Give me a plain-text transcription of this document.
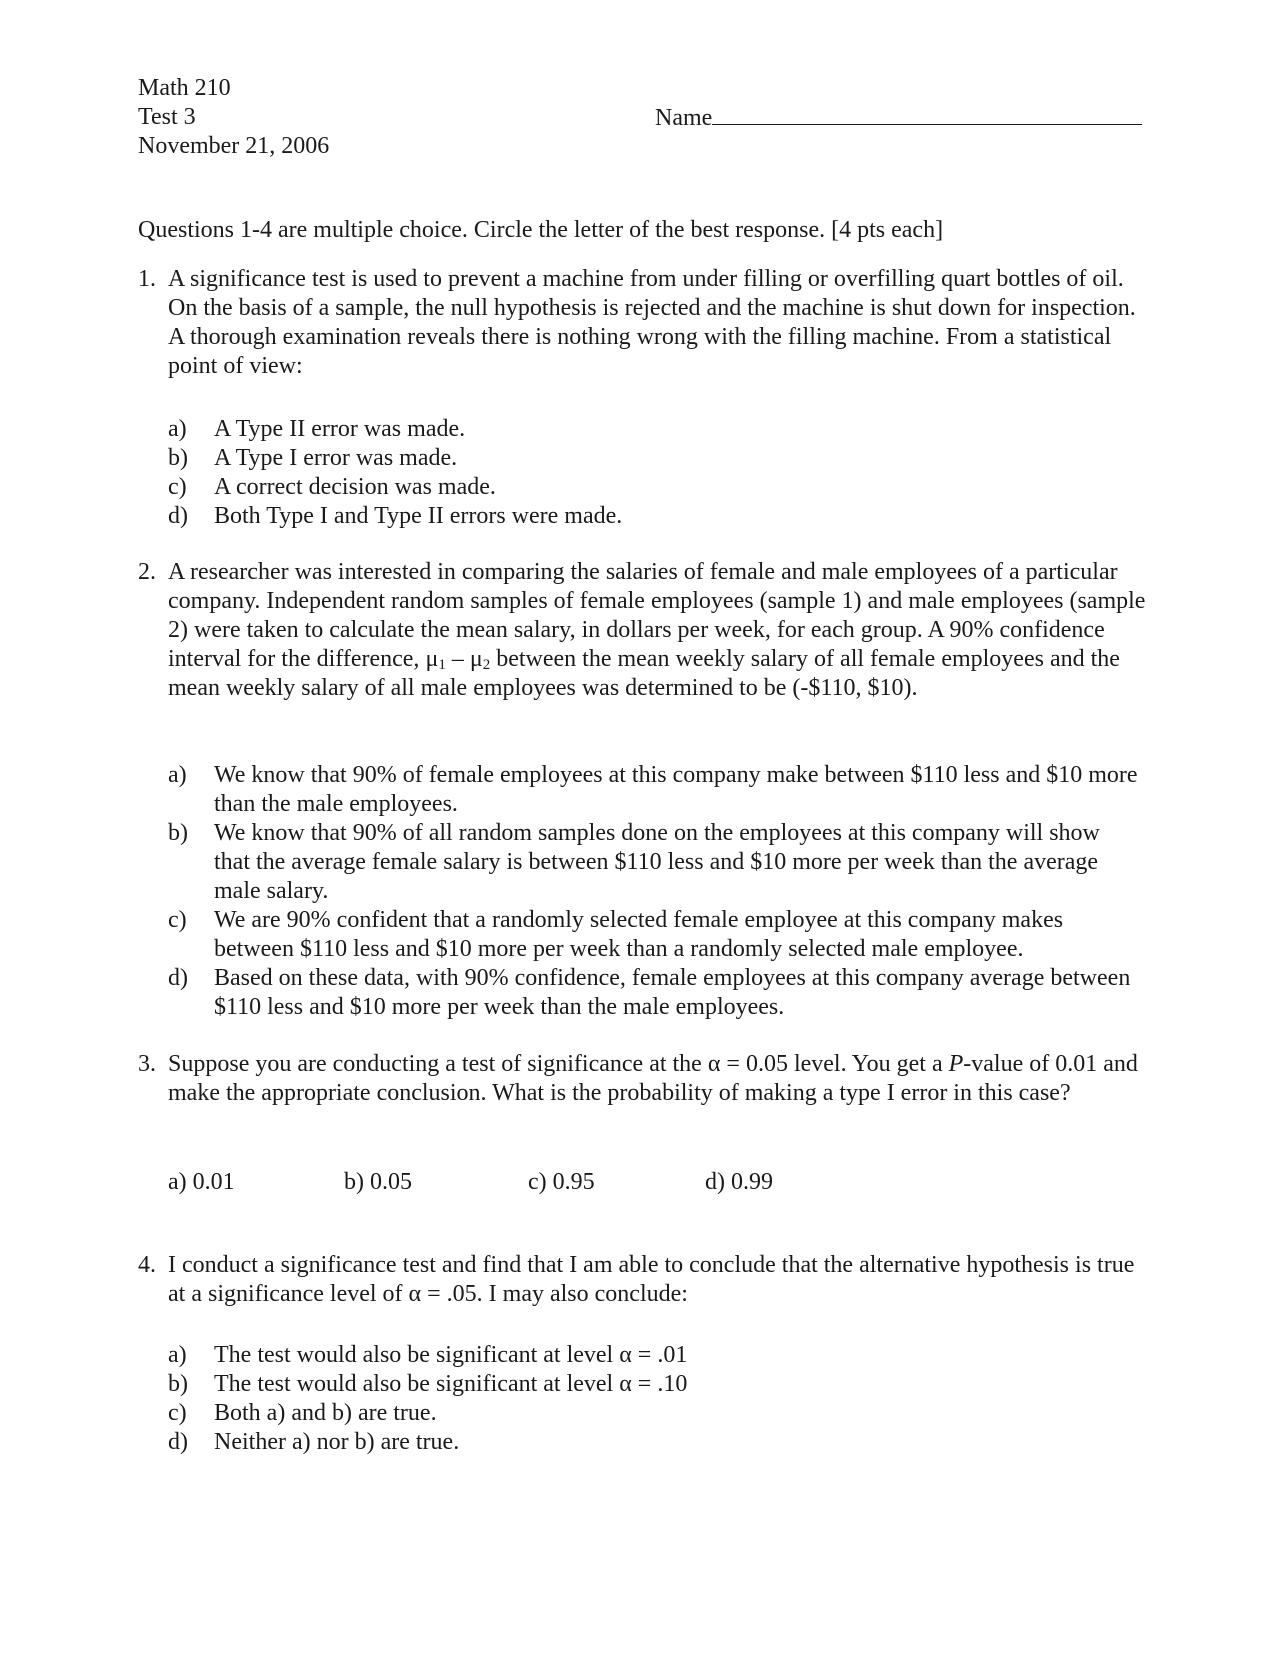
Math 210
Test 3
November 21, 2006
Name
Questions 1-4 are multiple choice. Circle the letter of the best response. [4 pts each]
1. A significance test is used to prevent a machine from under filling or overfilling quart bottles of oil. On the basis of a sample, the null hypothesis is rejected and the machine is shut down for inspection. A thorough examination reveals there is nothing wrong with the filling machine. From a statistical point of view:
a) A Type II error was made.
b) A Type I error was made.
c) A correct decision was made.
d) Both Type I and Type II errors were made.
2. A researcher was interested in comparing the salaries of female and male employees of a particular company. Independent random samples of female employees (sample 1) and male employees (sample 2) were taken to calculate the mean salary, in dollars per week, for each group. A 90% confidence interval for the difference, $\mu_1 - \mu_2$ between the mean weekly salary of all female employees and the mean weekly salary of all male employees was determined to be (-$110, $10).
a) We know that 90% of female employees at this company make between $110 less and $10 more than the male employees.
b) We know that 90% of all random samples done on the employees at this company will show that the average female salary is between $110 less and $10 more per week than the average male salary.
c) We are 90% confident that a randomly selected female employee at this company makes between $110 less and $10 more per week than a randomly selected male employee.
d) Based on these data, with 90% confidence, female employees at this company average between $110 less and $10 more per week than the male employees.
3. Suppose you are conducting a test of significance at the α = 0.05 level. You get a P-value of 0.01 and make the appropriate conclusion. What is the probability of making a type I error in this case?
a) 0.01	b) 0.05	c) 0.95	d) 0.99
4. I conduct a significance test and find that I am able to conclude that the alternative hypothesis is true at a significance level of α = .05. I may also conclude:
a) The test would also be significant at level α = .01
b) The test would also be significant at level α = .10
c) Both a) and b) are true.
d) Neither a) nor b) are true.
